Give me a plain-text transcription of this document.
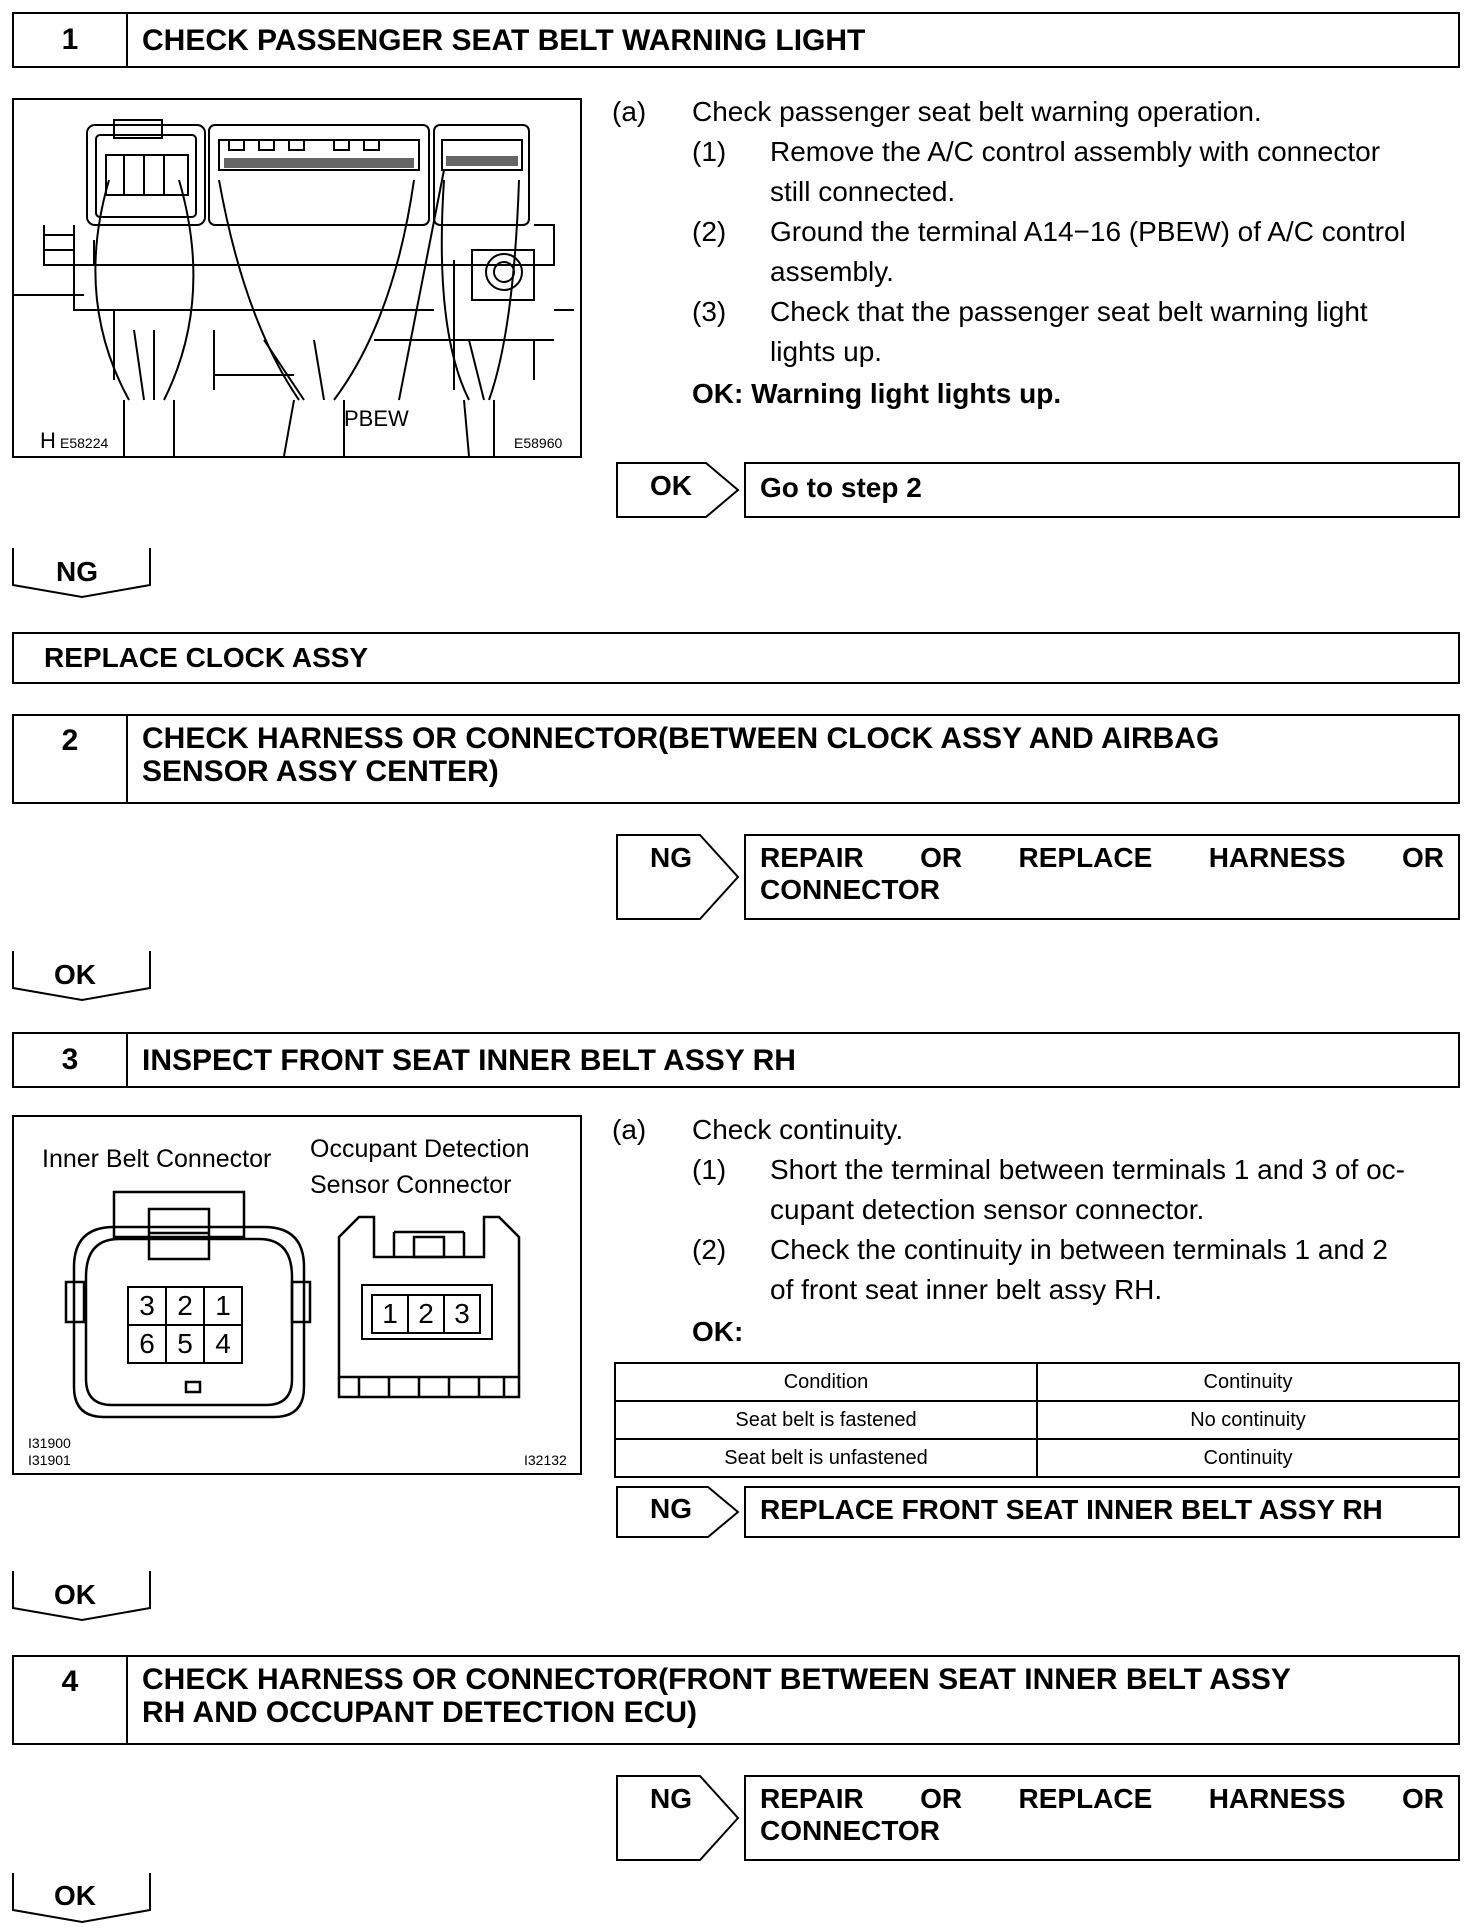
1	CHECK PASSENGER SEAT BELT WARNING LIGHT
PBEW
H E58224	E58960
(a) Check passenger seat belt warning operation.
(1) Remove the A/C control assembly with connector
still connected.
(2) Ground the terminal A14−16 (PBEW) of A/C control
assembly.
(3) Check that the passenger seat belt warning light
lights up.
OK: Warning light lights up.
OK	Go to step 2
NG
REPLACE CLOCK ASSY
2	CHECK HARNESS OR CONNECTOR(BETWEEN CLOCK ASSY AND AIRBAG
SENSOR ASSY CENTER)
NG REPAIR OR REPLACE HARNESS OR
CONNECTOR
OK
3	INSPECT FRONT SEAT INNER BELT ASSY RH
Inner Belt Connector Occupant Detection
Sensor Connector
3 2 1
6 5 4
1 2 3
I31900
I31901	I32132
(a) Check continuity.
(1) Short the terminal between terminals 1 and 3 of oc-
cupant detection sensor connector.
(2) Check the continuity in between terminals 1 and 2
of front seat inner belt assy RH.
OK:
Condition	Continuity
Seat belt is fastened	No continuity
Seat belt is unfastened	Continuity
NG	REPLACE FRONT SEAT INNER BELT ASSY RH
OK
4	CHECK HARNESS OR CONNECTOR(FRONT BETWEEN SEAT INNER BELT ASSY
RH AND OCCUPANT DETECTION ECU)
NG REPAIR OR REPLACE HARNESS OR
CONNECTOR
OK
